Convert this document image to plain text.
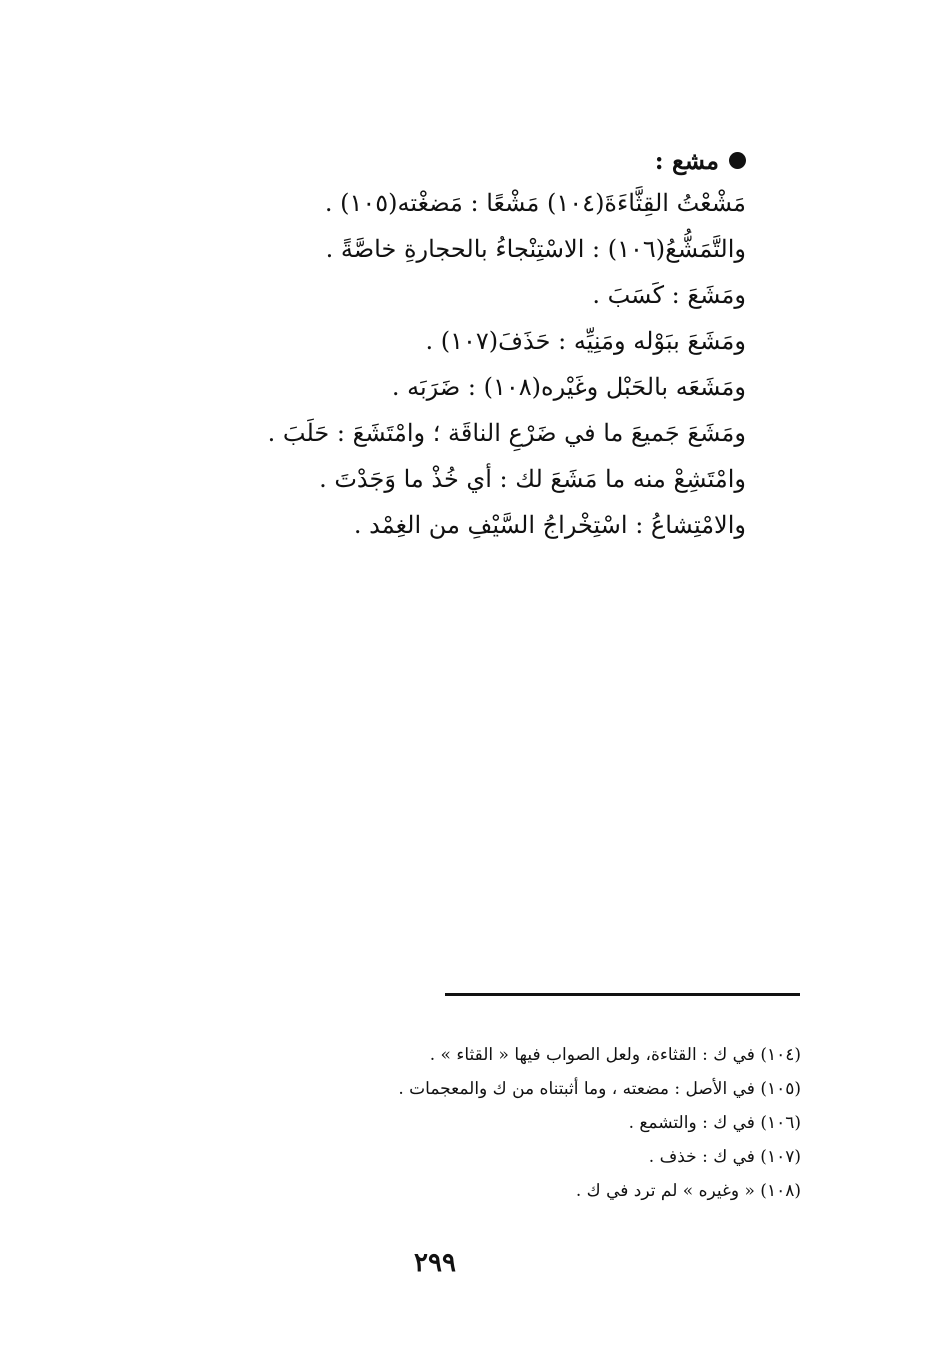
مشع :
مَشْعْتُ القِثَّاءَةَ(١٠٤) مَشْعًا : مَضغْته(١٠٥) .
والتَّمَشُّعُ(١٠٦) : الاسْتِنْجاءُ بالحجارةِ خاصَّةً .
ومَشَعَ : كَسَبَ .
ومَشَعَ ببَوْله ومَنِيِّه : حَذَفَ(١٠٧) .
ومَشَعَه بالحَبْل وغَيْره(١٠٨) : ضَرَبَه .
ومَشَعَ جَميعَ ما في ضَرْعِ الناقَة ؛ وامْتَشَعَ : حَلَبَ .
وامْتَشِعْ منه ما مَشَعَ لك : أي خُذْ ما وَجَدْتَ .
والامْتِشاعُ : اسْتِخْراجُ السَّيْفِ من الغِمْد .
(١٠٤) في ك : القثاءة، ولعل الصواب فيها « القثاء » .
(١٠٥) في الأصل : مضعته ، وما أثبتناه من ك والمعجمات .
(١٠٦) في ك : والتشمع .
(١٠٧) في ك : خذف .
(١٠٨) « وغيره » لم ترد في ك .
٢٩٩
